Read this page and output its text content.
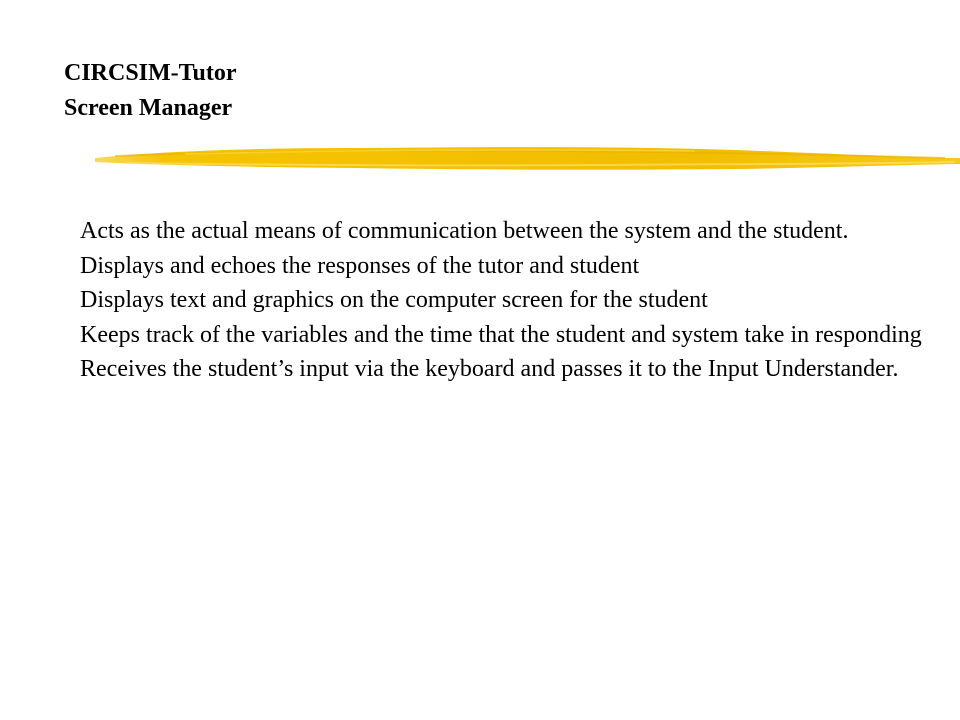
CIRCSIM-Tutor
Screen Manager

Acts as the actual means of communication between the system and the student.

Displays and echoes the responses of the tutor and student

Displays text and graphics on the computer screen for the student

Keeps track of the variables and the time that the student and system take in responding

Receives the student’s input via the keyboard and passes it to the Input Understander.
